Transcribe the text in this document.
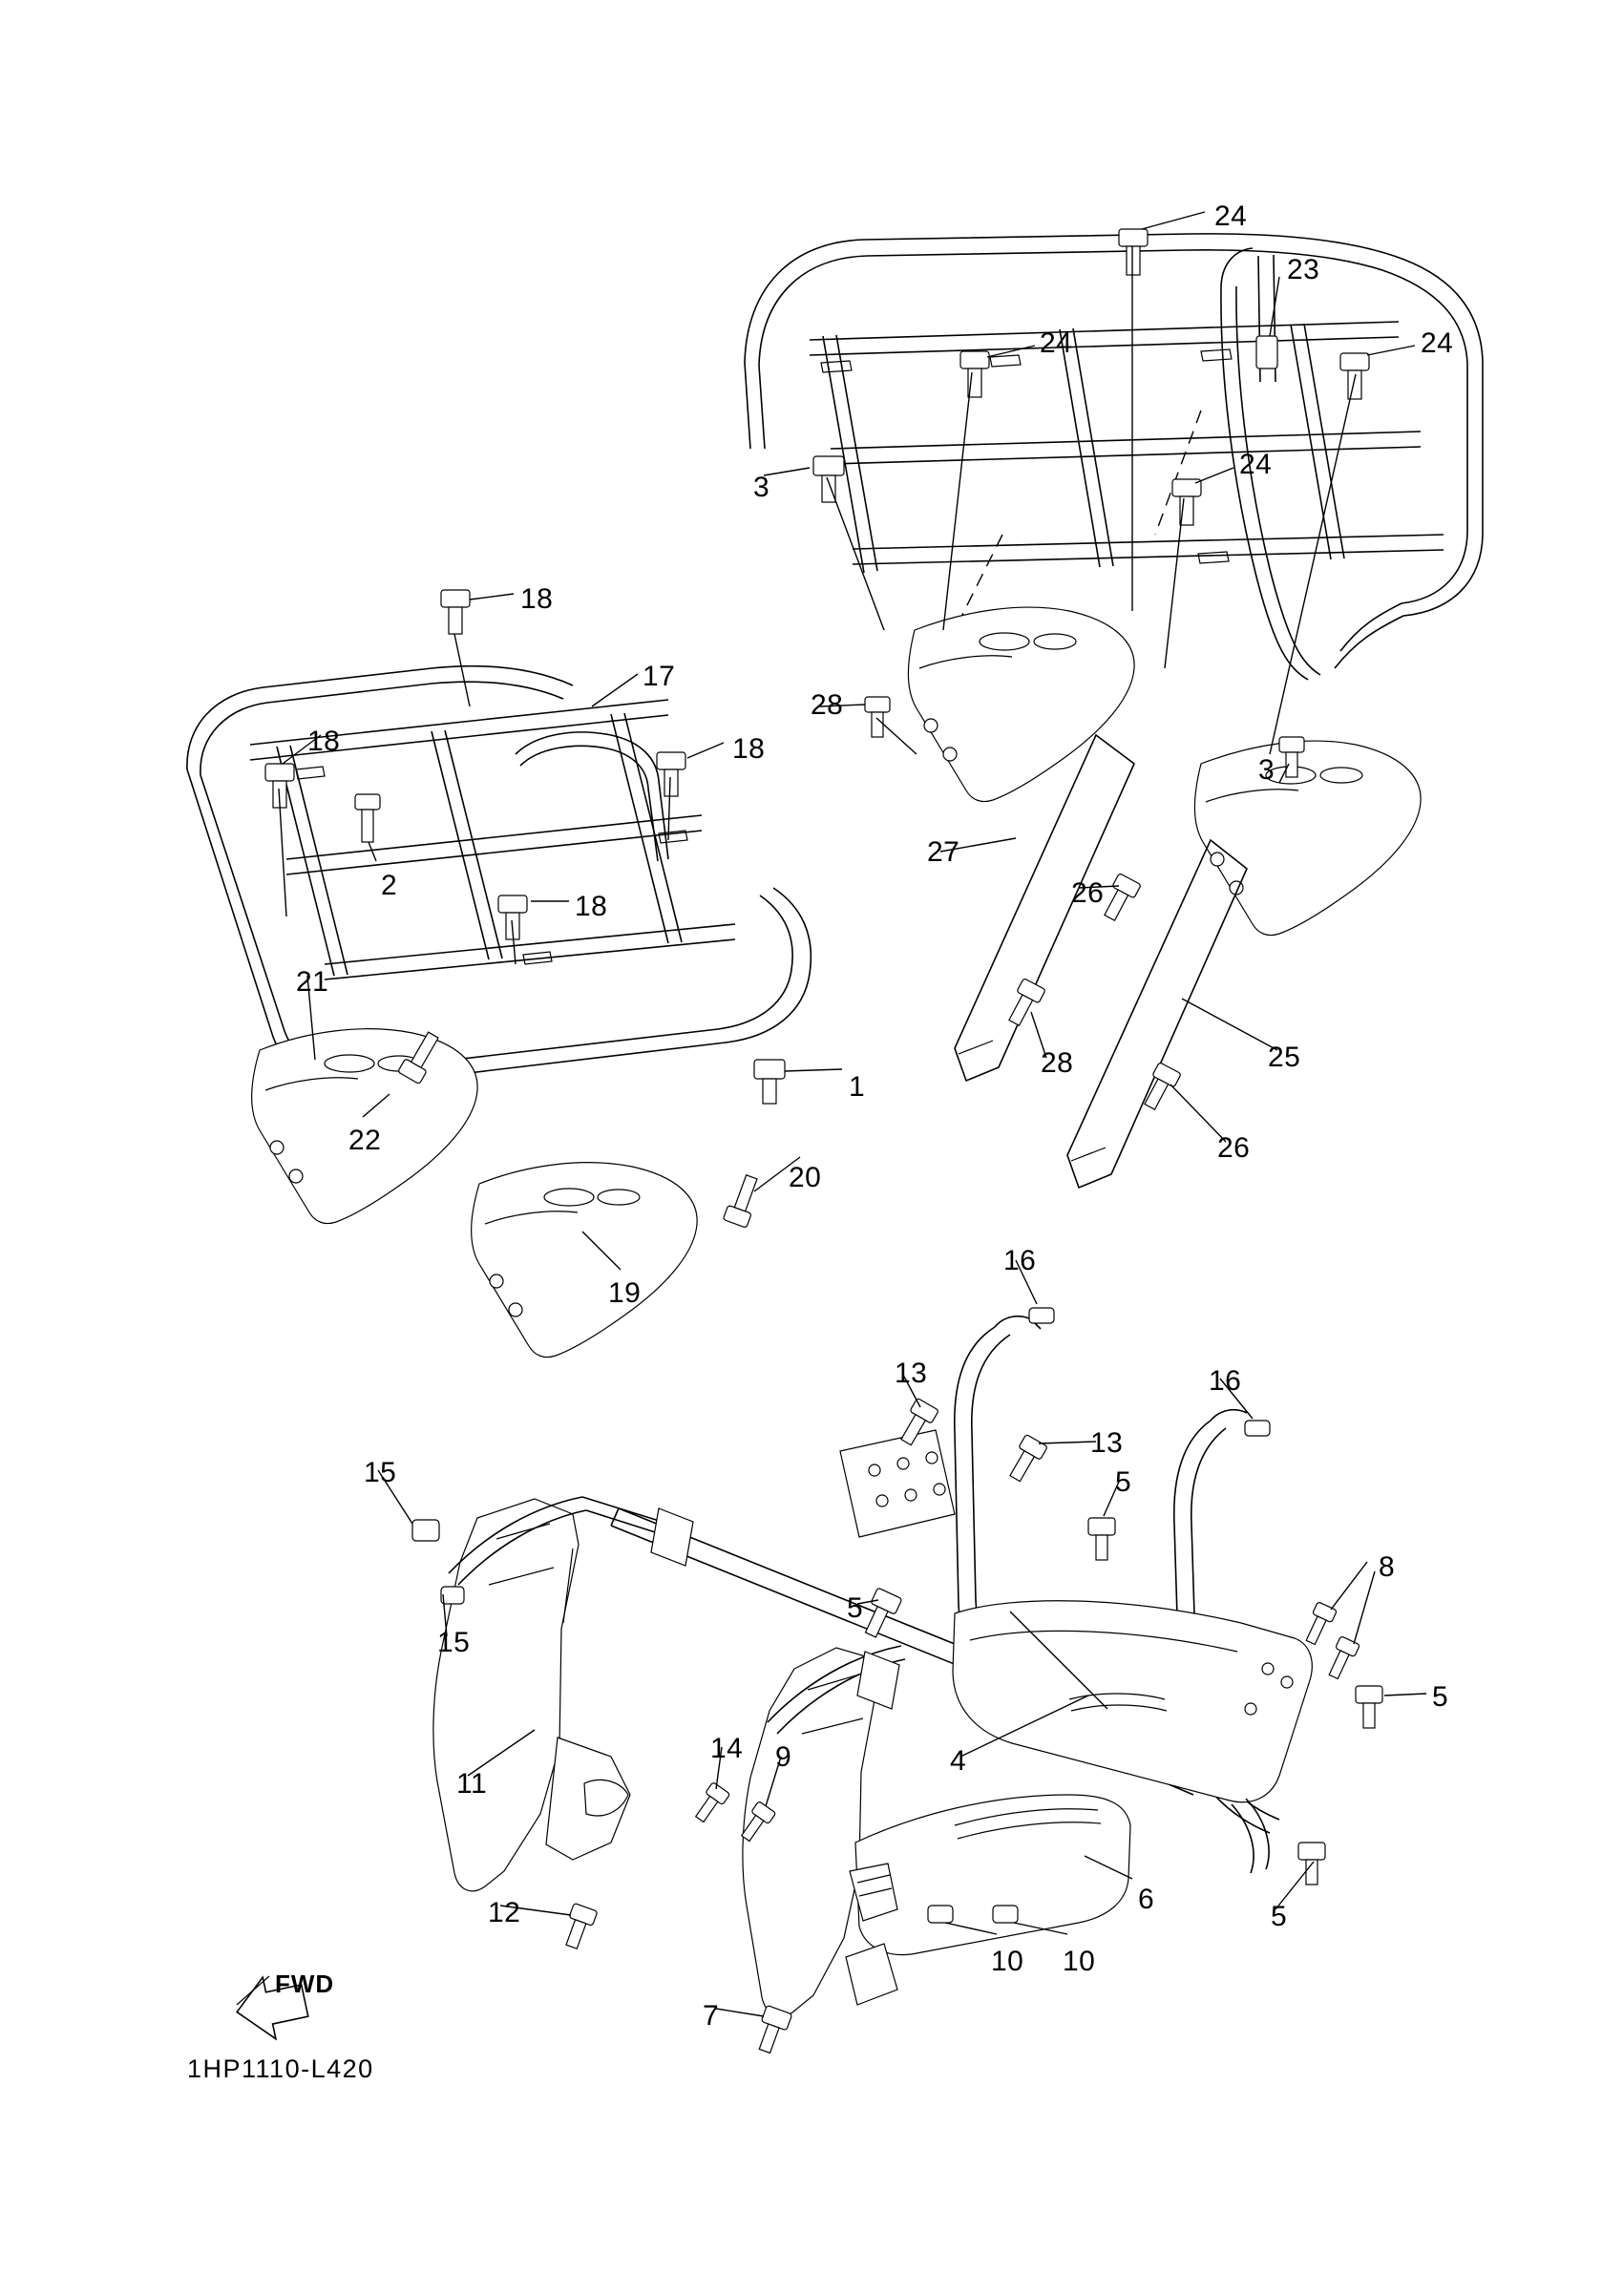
24
23
24	24
3
24
18
17
28
18	18
3
2
18
27
26
21
25
28
1
22	26
20
19
16
16
13
13
5
15
8
5
15
5
14 9	4
11
6
5
12
10 10
7
FWD
1HP1110-L420
